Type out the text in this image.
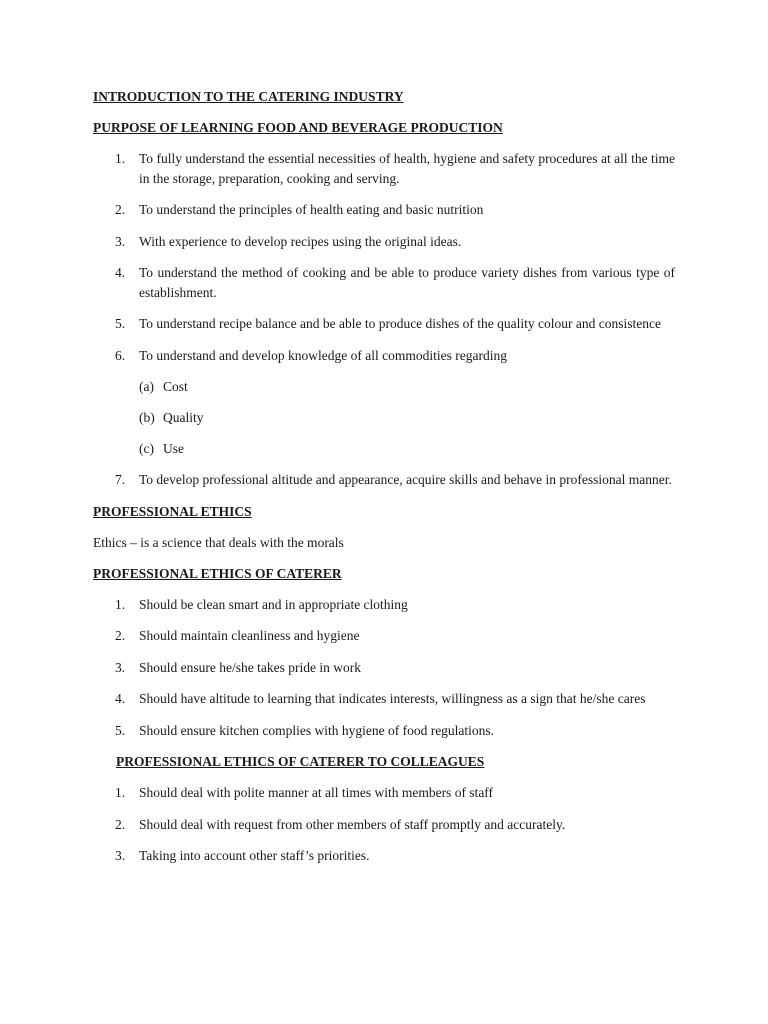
INTRODUCTION TO THE CATERING INDUSTRY
PURPOSE OF LEARNING FOOD AND BEVERAGE PRODUCTION
1. To fully understand the essential necessities of health, hygiene and safety procedures at all the time in the storage, preparation, cooking and serving.
2. To understand the principles of health eating and basic nutrition
3. With experience to develop recipes using the original ideas.
4. To understand the method of cooking and be able to produce variety dishes from various type of establishment.
5. To understand recipe balance and be able to produce dishes of the quality colour and consistence
6. To understand and develop knowledge of all commodities regarding
(a) Cost
(b) Quality
(c) Use
7. To develop professional altitude and appearance, acquire skills and behave in professional manner.
PROFESSIONAL ETHICS
Ethics – is a science that deals with the morals
PROFESSIONAL ETHICS OF CATERER
1. Should be clean smart and in appropriate clothing
2. Should maintain cleanliness and hygiene
3. Should ensure he/she takes pride in work
4. Should have altitude to learning that indicates interests, willingness as a sign that he/she cares
5. Should ensure kitchen complies with hygiene of food regulations.
PROFESSIONAL ETHICS OF CATERER TO COLLEAGUES
1. Should deal with polite manner at all times with members of staff
2. Should deal with request from other members of staff promptly and accurately.
3. Taking into account other staff’s priorities.
